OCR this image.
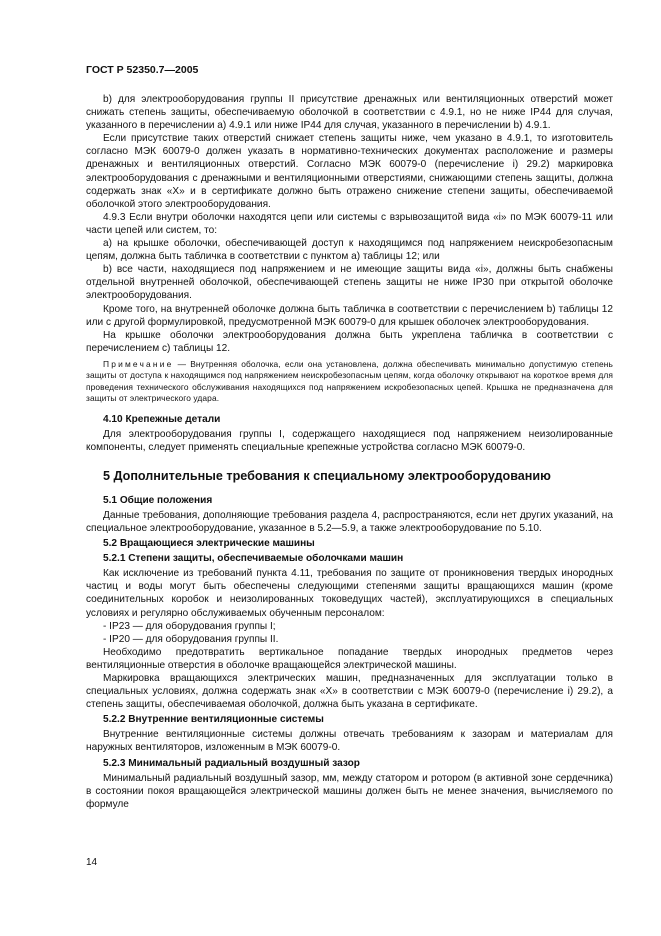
ГОСТ Р 52350.7—2005

b) для электрооборудования группы II присутствие дренажных или вентиляционных отверстий может снижать степень защиты, обеспечиваемую оболочкой в соответствии с 4.9.1, но не ниже IP44 для случая, указанного в перечислении a) 4.9.1 или ниже IP44 для случая, указанного в перечислении b) 4.9.1.

Если присутствие таких отверстий снижает степень защиты ниже, чем указано в 4.9.1, то изготовитель согласно МЭК 60079-0 должен указать в нормативно-технических документах расположение и размеры дренажных и вентиляционных отверстий. Согласно МЭК 60079-0 (перечисление i) 29.2) маркировка электрооборудования с дренажными и вентиляционными отверстиями, снижающими степень защиты, должна содержать знак «X» и в сертификате должно быть отражено снижение степени защиты, обеспечиваемой оболочкой этого электрооборудования.

4.9.3 Если внутри оболочки находятся цепи или системы с взрывозащитой вида «i» по МЭК 60079-11 или части цепей или систем, то:

а) на крышке оболочки, обеспечивающей доступ к находящимся под напряжением неискробезопасным цепям, должна быть табличка в соответствии с пунктом а) таблицы 12; или

b) все части, находящиеся под напряжением и не имеющие защиты вида «i», должны быть снабжены отдельной внутренней оболочкой, обеспечивающей степень защиты не ниже IP30 при открытой оболочке электрооборудования.

Кроме того, на внутренней оболочке должна быть табличка в соответствии с перечислением b) таблицы 12 или с другой формулировкой, предусмотренной МЭК 60079-0 для крышек оболочек электрооборудования.

На крышке оболочки электрооборудования должна быть укреплена табличка в соответствии с перечислением с) таблицы 12.

Примечание — Внутренняя оболочка, если она установлена, должна обеспечивать минимально допустимую степень защиты от доступа к находящимся под напряжением неискробезопасным цепям, когда оболочку открывают на короткое время для проведения технического обслуживания находящихся под напряжением искробезопасных цепей. Крышка не предназначена для защиты от электрического удара.

4.10 Крепежные детали

Для электрооборудования группы I, содержащего находящиеся под напряжением неизолированные компоненты, следует применять специальные крепежные устройства согласно МЭК 60079-0.

5 Дополнительные требования к специальному электрооборудованию
5.1 Общие положения

Данные требования, дополняющие требования раздела 4, распространяются, если нет других указаний, на специальное электрооборудование, указанное в 5.2—5.9, а также электрооборудование по 5.10.

5.2 Вращающиеся электрические машины
5.2.1 Степени защиты, обеспечиваемые оболочками машин

Как исключение из требований пункта 4.11, требования по защите от проникновения твердых инородных частиц и воды могут быть обеспечены следующими степенями защиты вращающихся машин (кроме соединительных коробок и неизолированных токоведущих частей), эксплуатирующихся в специальных условиях и регулярно обслуживаемых обученным персоналом:

- IP23 — для оборудования группы I;

- IP20 — для оборудования группы II.

Необходимо предотвратить вертикальное попадание твердых инородных предметов через вентиляционные отверстия в оболочке вращающейся электрической машины.

Маркировка вращающихся электрических машин, предназначенных для эксплуатации только в специальных условиях, должна содержать знак «X» в соответствии с МЭК 60079-0 (перечисление i) 29.2), а степень защиты, обеспечиваемая оболочкой, должна быть указана в сертификате.

5.2.2 Внутренние вентиляционные системы

Внутренние вентиляционные системы должны отвечать требованиям к зазорам и материалам для наружных вентиляторов, изложенным в МЭК 60079-0.

5.2.3 Минимальный радиальный воздушный зазор

Минимальный радиальный воздушный зазор, мм, между статором и ротором (в активной зоне сердечника) в состоянии покоя вращающейся электрической машины должен быть не менее значения, вычисляемого по формуле

14
